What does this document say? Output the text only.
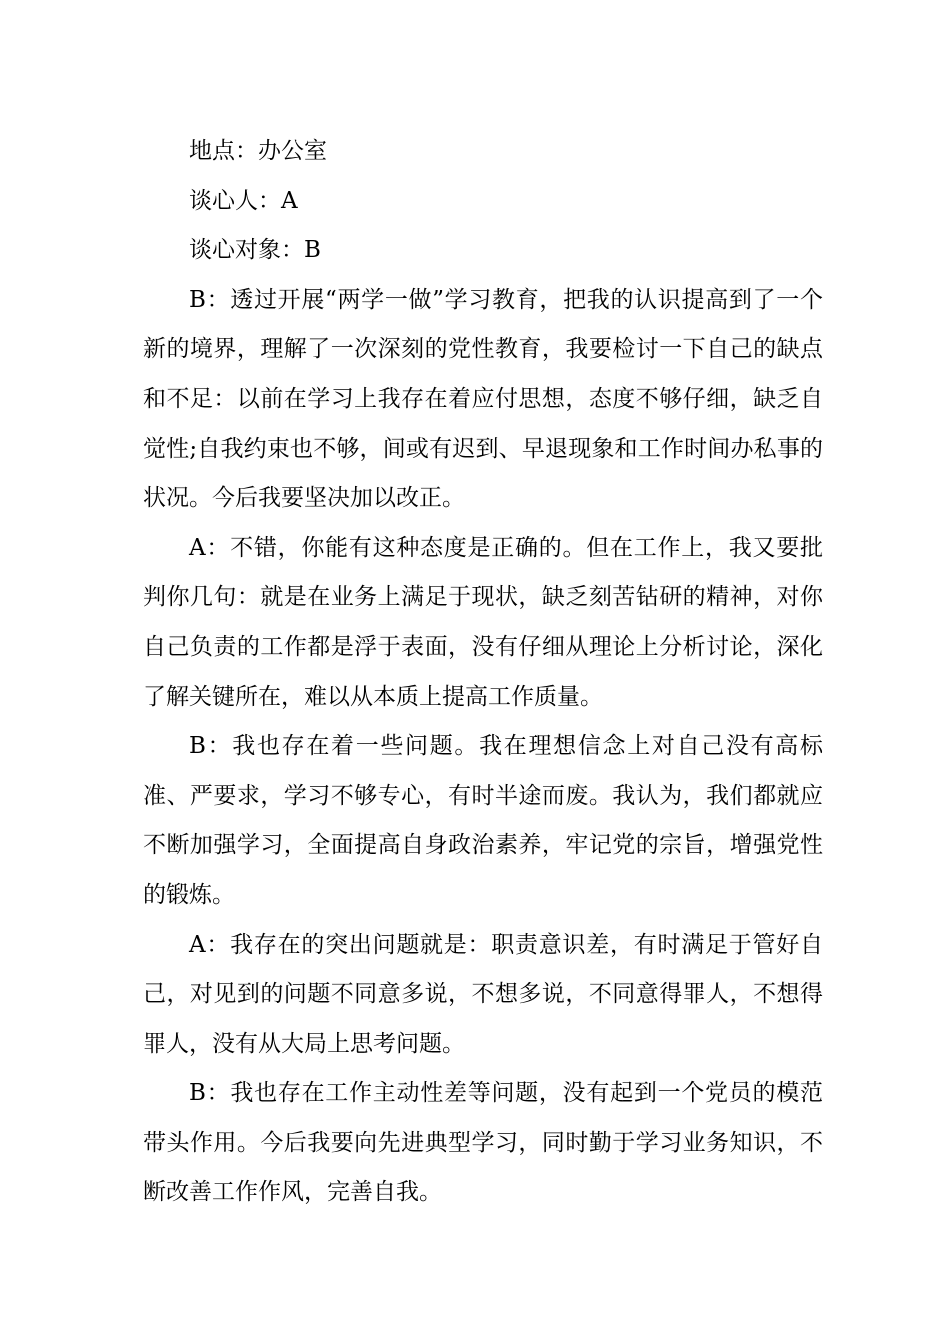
地点：办公室

谈心人：A

谈心对象：B

B：透过开展“两学一做”学习教育，把我的认识提高到了一个新的境界，理解了一次深刻的党性教育，我要检讨一下自己的缺点和不足：以前在学习上我存在着应付思想，态度不够仔细，缺乏自觉性;自我约束也不够，间或有迟到、早退现象和工作时间办私事的状况。今后我要坚决加以改正。

A：不错，你能有这种态度是正确的。但在工作上，我又要批判你几句：就是在业务上满足于现状，缺乏刻苦钻研的精神，对你自己负责的工作都是浮于表面，没有仔细从理论上分析讨论，深化了解关键所在，难以从本质上提高工作质量。

B：我也存在着一些问题。我在理想信念上对自己没有高标准、严要求，学习不够专心，有时半途而废。我认为，我们都就应不断加强学习，全面提高自身政治素养，牢记党的宗旨，增强党性的锻炼。

A：我存在的突出问题就是：职责意识差，有时满足于管好自己，对见到的问题不同意多说，不想多说，不同意得罪人，不想得罪人，没有从大局上思考问题。

B：我也存在工作主动性差等问题，没有起到一个党员的模范带头作用。今后我要向先进典型学习，同时勤于学习业务知识，不断改善工作作风，完善自我。
